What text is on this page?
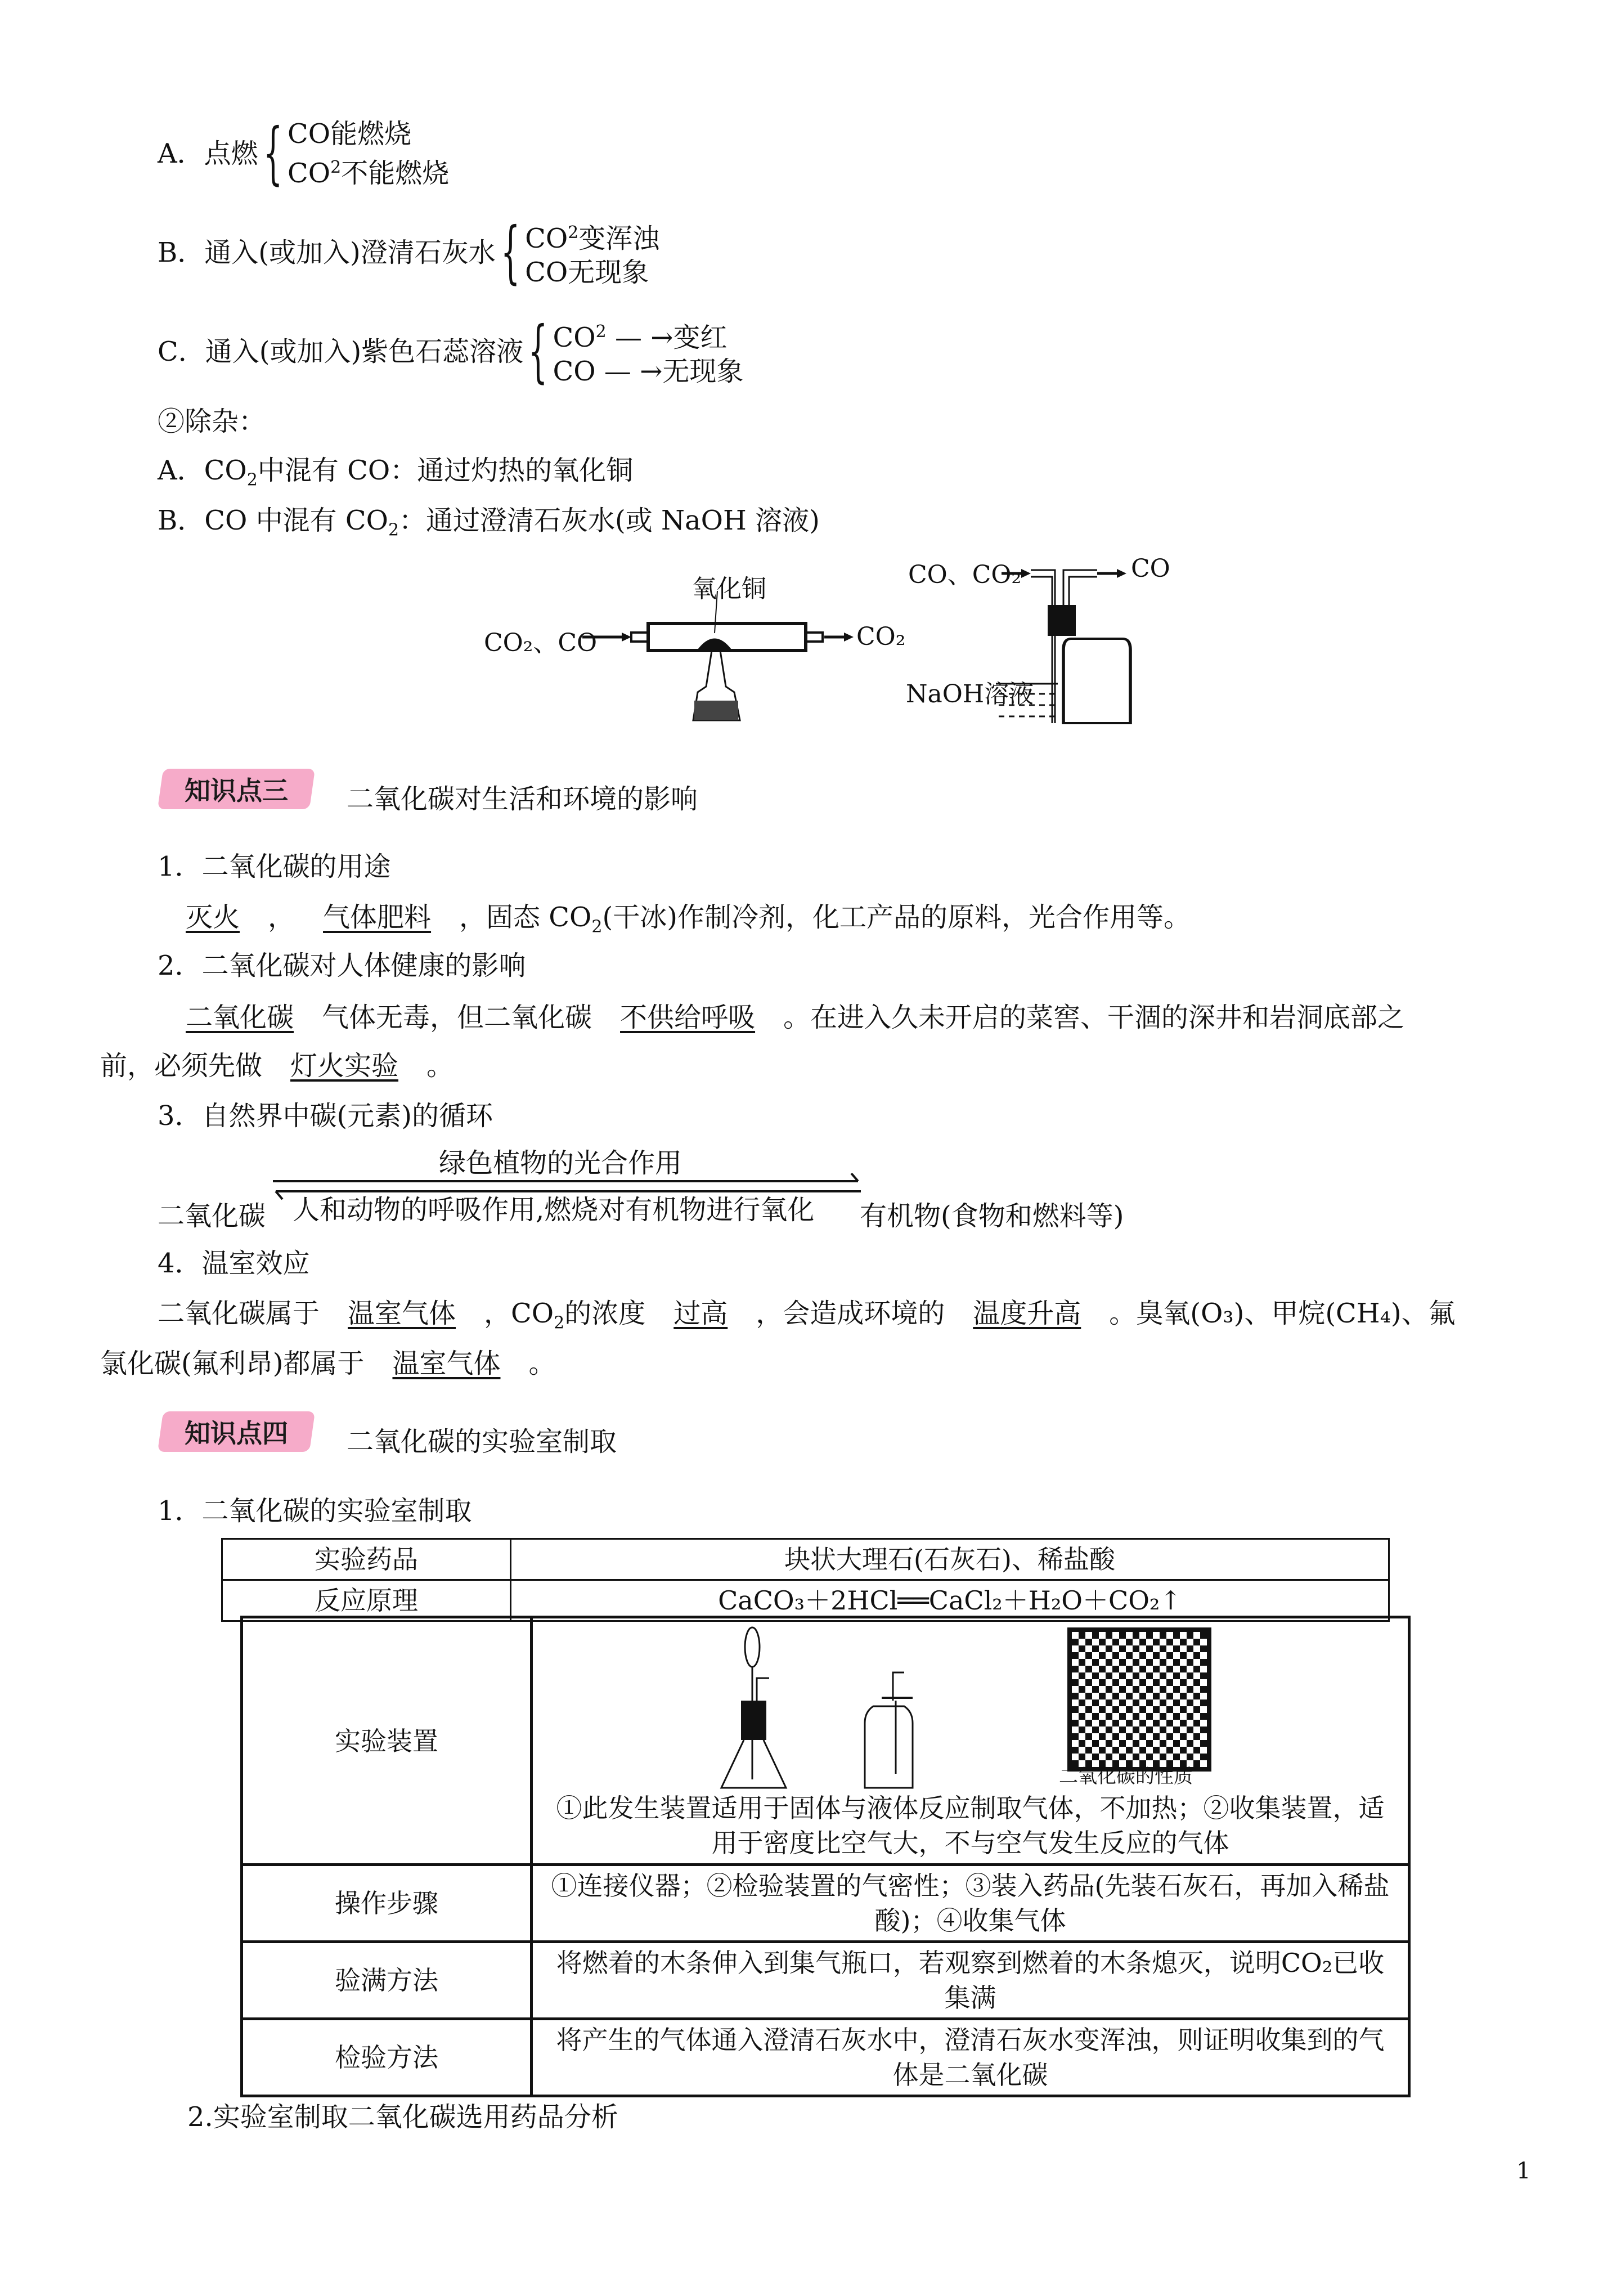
A．点燃{ CO能燃烧
$CO^2$不能燃烧
B．通入(或加入)澄清石灰水{ $CO^2$变浑浊
CO无现象
C．通入(或加入)紫色石蕊溶液{ $CO^2$ — →变红
CO — →无现象
②除杂：
A．$CO_2$中混有 CO：通过灼热的氧化铜
B．CO 中混有 $CO_2$：通过澄清石灰水(或 NaOH 溶液)
氧化铜
CO₂、CO	CO₂
CO、CO₂	CO
NaOH溶液
知识点三 二氧化碳对生活和环境的影响
1．二氧化碳的用途
灭火 ， 气体肥料 ，固态 $CO_2$(干冰)作制冷剂，化工产品的原料，光合作用等。
2．二氧化碳对人体健康的影响
二氧化碳 气体无毒，但二氧化碳 不供给呼吸 。在进入久未开启的菜窖、干涸的深井和岩洞底部之
前，必须先做 灯火实验 。
3．自然界中碳(元素)的循环
绿色植物的光合作用
二氧化碳 人和动物的呼吸作用,燃烧对有机物进行氧化 有机物(食物和燃料等)
4．温室效应
二氧化碳属于 温室气体 ，$CO_2$的浓度 过高 ，会造成环境的 温度升高 。臭氧(O₃)、甲烷(CH₄)、氟
氯化碳(氟利昂)都属于 温室气体 。
知识点四 二氧化碳的实验室制取
1．二氧化碳的实验室制取
实验药品	块状大理石(石灰石)、稀盐酸
反应原理	CaCO₃＋2HCl══CaCl₂＋H₂O＋CO₂↑
实验装置	二氧化碳的性质
①此发生装置适用于固体与液体反应制取气体，不加热；②收集装置，适用于密度比空气大，不与空气发生反应的气体

操作步骤	①连接仪器；②检验装置的气密性；③装入药品(先装石灰石，再加入稀盐酸)；④收集气体
验满方法	将燃着的木条伸入到集气瓶口，若观察到燃着的木条熄灭，说明CO₂已收集满
检验方法	将产生的气体通入澄清石灰水中，澄清石灰水变浑浊，则证明收集到的气体是二氧化碳
2.实验室制取二氧化碳选用药品分析
1
